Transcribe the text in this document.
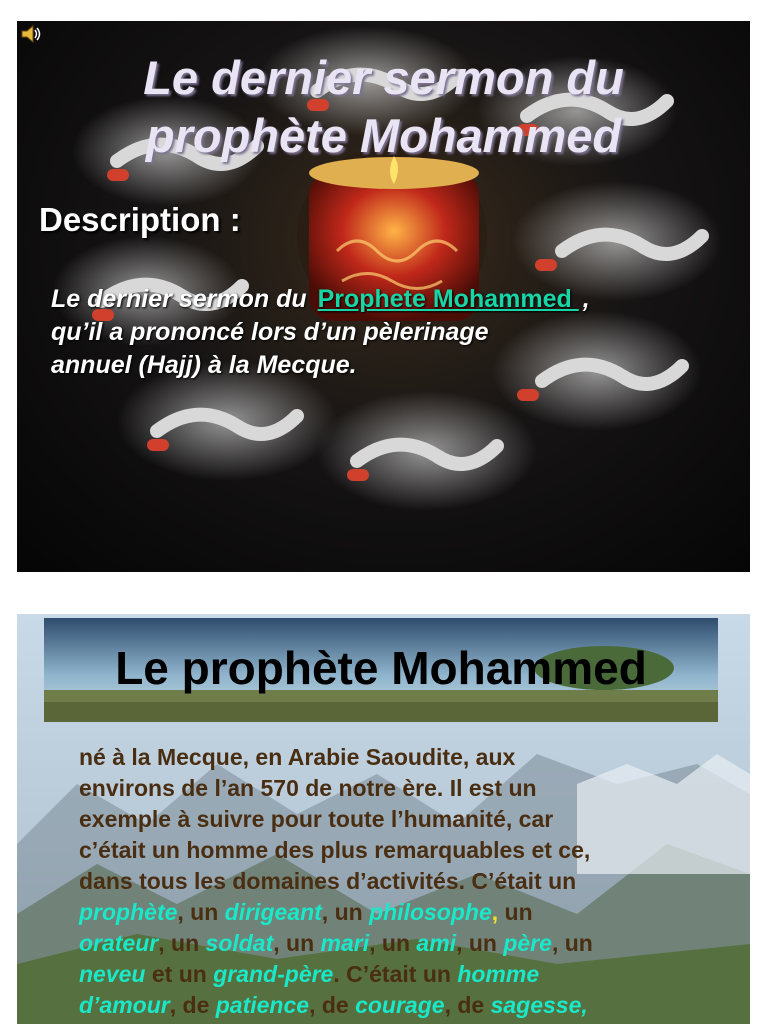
Le dernier sermon du
prophète Mohammed
Description :
Le dernier sermon du Prophete Mohammed ,
qu’il a prononcé lors d’un pèlerinage
annuel (Hajj) à la Mecque.
Le prophète Mohammed
né à la Mecque, en Arabie Saoudite, aux
environs de l’an 570 de notre ère. Il est un
exemple à suivre pour toute l’humanité, car
c’était un homme des plus remarquables et ce,
dans tous les domaines d’activités. C’était un
prophète, un dirigeant, un philosophe, un
orateur, un soldat, un mari, un ami, un père, un
neveu et un grand-père. C’était un homme
d’amour, de patience, de courage, de sagesse,
